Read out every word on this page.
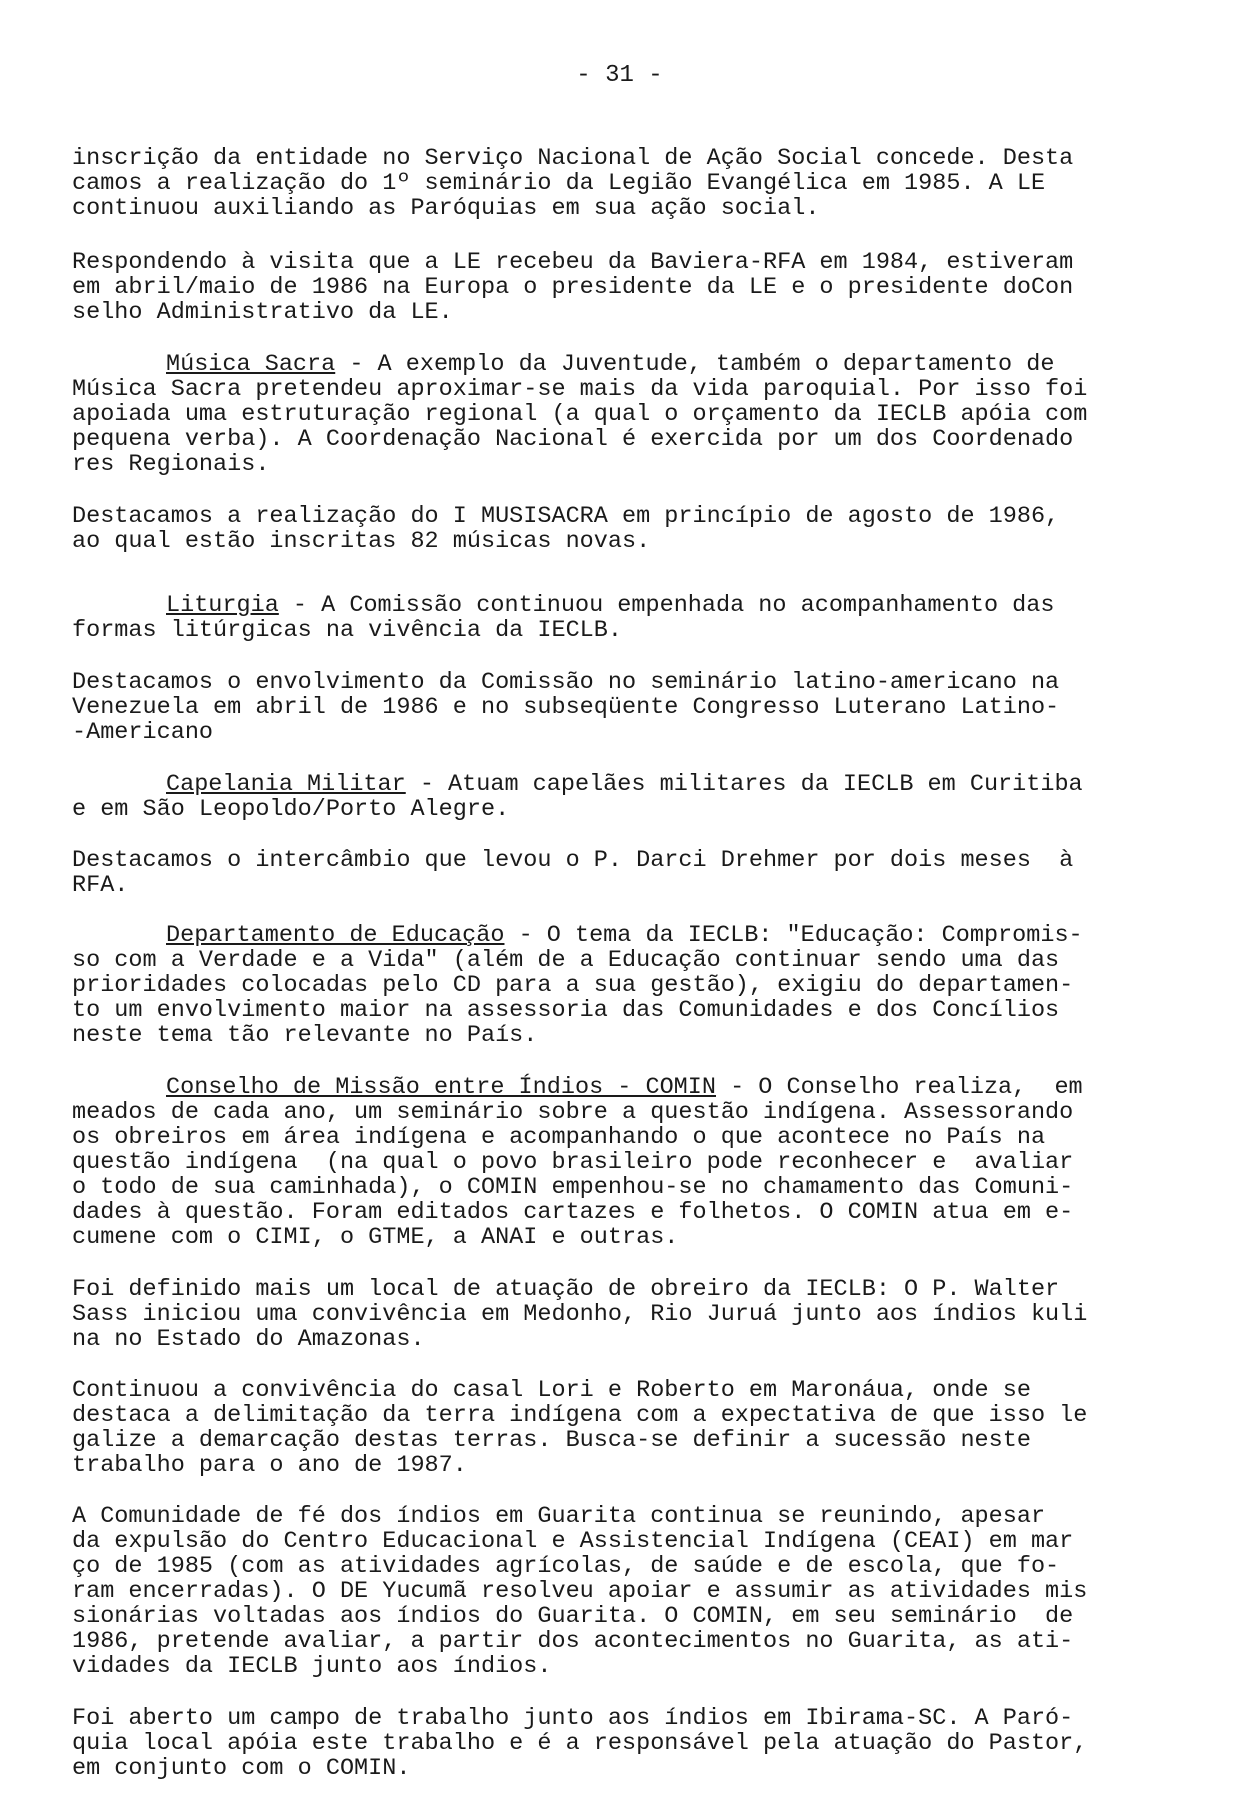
- 31 -
inscrição da entidade no Serviço Nacional de Ação Social concede. Desta
camos a realização do 1º seminário da Legião Evangélica em 1985. A LE
continuou auxiliando as Paróquias em sua ação social.
Respondendo à visita que a LE recebeu da Baviera-RFA em 1984, estiveram
em abril/maio de 1986 na Europa o presidente da LE e o presidente doCon
selho Administrativo da LE.
Música Sacra - A exemplo da Juventude, também o departamento de
Música Sacra pretendeu aproximar-se mais da vida paroquial. Por isso foi
apoiada uma estruturação regional (a qual o orçamento da IECLB apóia com
pequena verba). A Coordenação Nacional é exercida por um dos Coordenado
res Regionais.
Destacamos a realização do I MUSISACRA em princípio de agosto de 1986,
ao qual estão inscritas 82 músicas novas.
Liturgia - A Comissão continuou empenhada no acompanhamento das
formas litúrgicas na vivência da IECLB.
Destacamos o envolvimento da Comissão no seminário latino-americano na
Venezuela em abril de 1986 e no subseqüente Congresso Luterano Latino-
-Americano
Capelania Militar - Atuam capelães militares da IECLB em Curitiba
e em São Leopoldo/Porto Alegre.
Destacamos o intercâmbio que levou o P. Darci Drehmer por dois meses  à
RFA.
Departamento de Educação - O tema da IECLB: "Educação: Compromis-
so com a Verdade e a Vida" (além de a Educação continuar sendo uma das
prioridades colocadas pelo CD para a sua gestão), exigiu do departamen-
to um envolvimento maior na assessoria das Comunidades e dos Concílios
neste tema tão relevante no País.
Conselho de Missão entre Índios - COMIN - O Conselho realiza,  em
meados de cada ano, um seminário sobre a questão indígena. Assessorando
os obreiros em área indígena e acompanhando o que acontece no País na
questão indígena  (na qual o povo brasileiro pode reconhecer e  avaliar
o todo de sua caminhada), o COMIN empenhou-se no chamamento das Comuni-
dades à questão. Foram editados cartazes e folhetos. O COMIN atua em e-
cumene com o CIMI, o GTME, a ANAI e outras.
Foi definido mais um local de atuação de obreiro da IECLB: O P. Walter
Sass iniciou uma convivência em Medonho, Rio Juruá junto aos índios kuli
na no Estado do Amazonas.
Continuou a convivência do casal Lori e Roberto em Maronáua, onde se
destaca a delimitação da terra indígena com a expectativa de que isso le
galize a demarcação destas terras. Busca-se definir a sucessão neste
trabalho para o ano de 1987.
A Comunidade de fé dos índios em Guarita continua se reunindo, apesar
da expulsão do Centro Educacional e Assistencial Indígena (CEAI) em mar
ço de 1985 (com as atividades agrícolas, de saúde e de escola, que fo-
ram encerradas). O DE Yucumã resolveu apoiar e assumir as atividades mis
sionárias voltadas aos índios do Guarita. O COMIN, em seu seminário  de
1986, pretende avaliar, a partir dos acontecimentos no Guarita, as ati-
vidades da IECLB junto aos índios.
Foi aberto um campo de trabalho junto aos índios em Ibirama-SC. A Paró-
quia local apóia este trabalho e é a responsável pela atuação do Pastor,
em conjunto com o COMIN.
